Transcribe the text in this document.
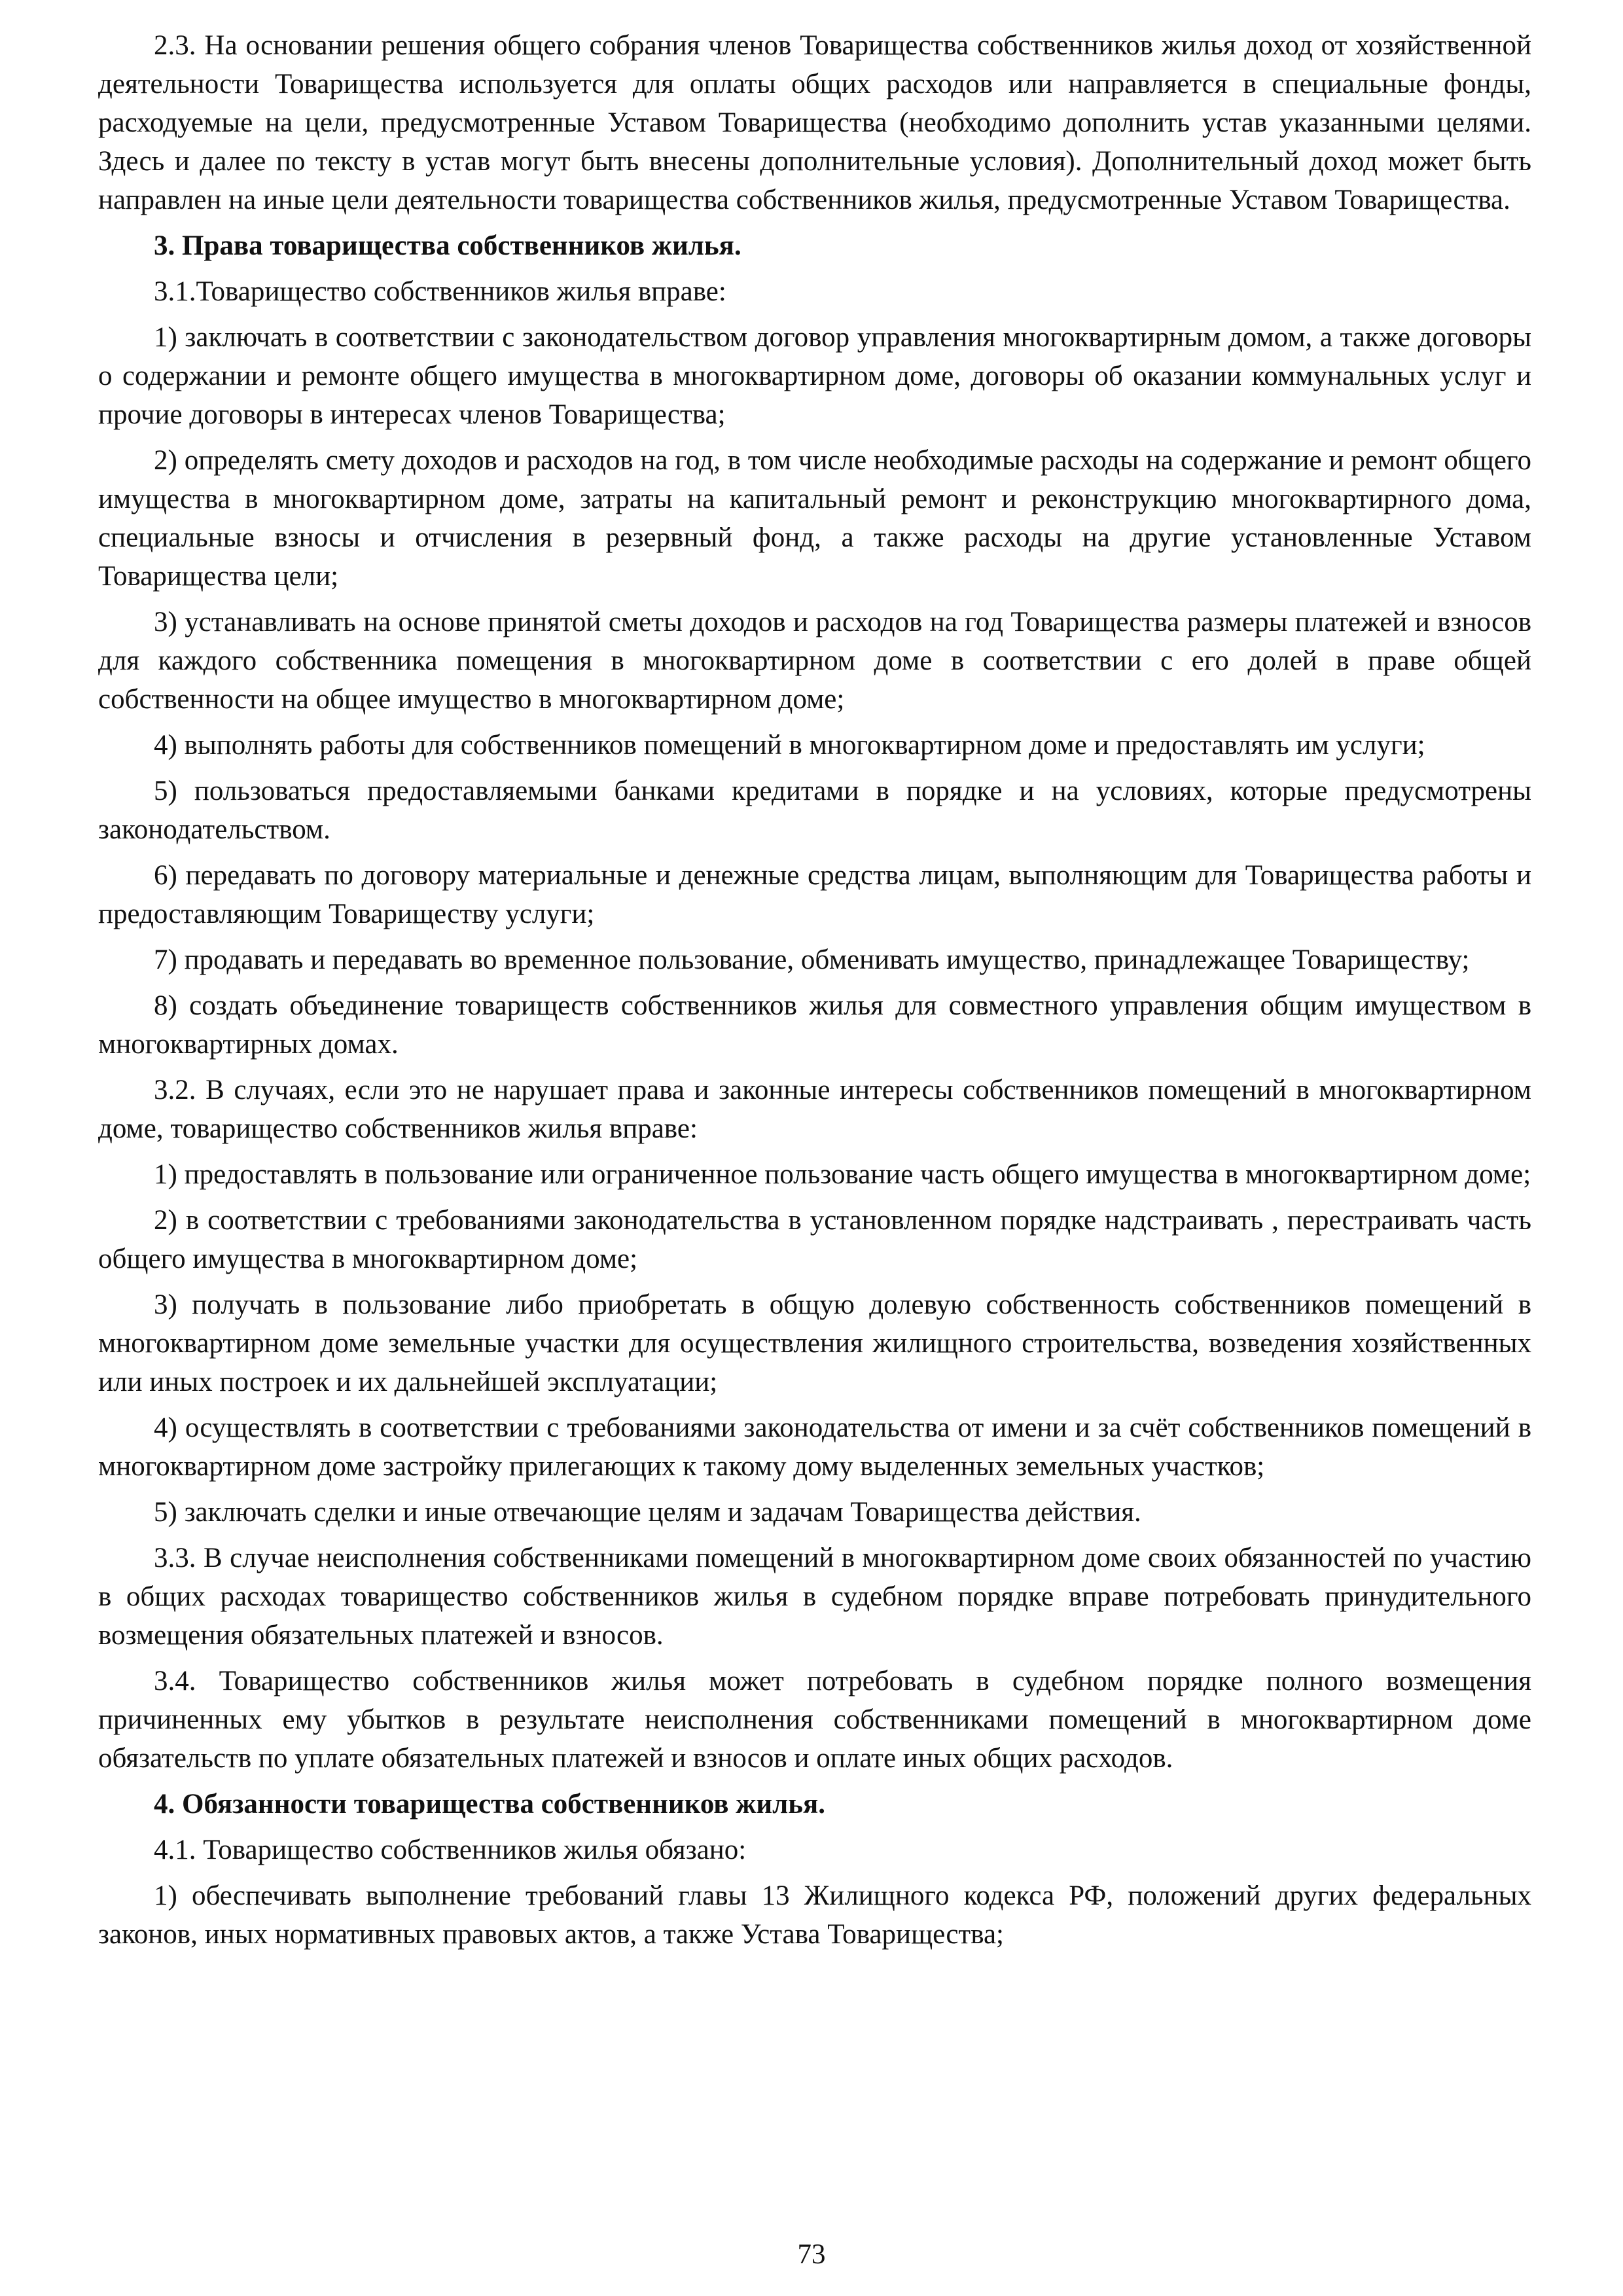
2.3. На основании решения общего собрания членов Товарищества собственников жилья доход от хозяйственной деятельности Товарищества используется для оплаты общих расходов или направляется в специальные фонды, расходуемые на цели, предусмотренные Уставом Товарищества (необходимо дополнить устав указанными целями. Здесь и далее по тексту в устав могут быть внесены дополнительные условия). Дополнительный доход может быть направлен на иные цели деятельности товарищества собственников жилья, предусмотренные Уставом Товарищества.

3. Права товарищества собственников жилья.

3.1.Товарищество собственников жилья вправе:

1) заключать в соответствии с законодательством договор управления многоквартирным домом, а также договоры о содержании и ремонте общего имущества в многоквартирном доме, договоры об оказании коммунальных услуг и прочие договоры в интересах членов Товарищества;

2) определять смету доходов и расходов на год, в том числе необходимые расходы на содержание и ремонт общего имущества в многоквартирном доме, затраты на капитальный ремонт и реконструкцию многоквартирного дома, специальные взносы и отчисления в резервный фонд, а также расходы на другие установленные Уставом Товарищества цели;

3) устанавливать на основе принятой сметы доходов и расходов на год Товарищества размеры платежей и взносов для каждого собственника помещения в многоквартирном доме в соответствии с его долей в праве общей собственности на общее имущество в многоквартирном доме;

4) выполнять работы для собственников помещений в многоквартирном доме и предоставлять им услуги;

5) пользоваться предоставляемыми банками кредитами в порядке и на условиях, которые предусмотрены законодательством.

6) передавать по договору материальные и денежные средства лицам, выполняющим для Товарищества работы и предоставляющим Товариществу услуги;

7) продавать и передавать во временное пользование, обменивать имущество, принадлежащее Товариществу;

8) создать объединение товариществ собственников жилья для совместного управления общим имуществом в многоквартирных домах.

3.2. В случаях, если это не нарушает права и законные интересы собственников помещений в многоквартирном доме, товарищество собственников жилья вправе:

1) предоставлять в пользование или ограниченное пользование часть общего имущества в многоквартирном доме;

2) в соответствии с требованиями законодательства в установленном порядке надстраивать , перестраивать часть общего имущества в многоквартирном доме;

3) получать в пользование либо приобретать в общую долевую собственность собственников помещений в многоквартирном доме земельные участки для осуществления жилищного строительства, возведения хозяйственных или иных построек и их дальнейшей эксплуатации;

4) осуществлять в соответствии с требованиями законодательства от имени и за счёт собственников помещений в многоквартирном доме застройку прилегающих к такому дому выделенных земельных участков;

5) заключать сделки и иные отвечающие целям и задачам Товарищества действия.

3.3. В случае неисполнения собственниками помещений в многоквартирном доме своих обязанностей по участию в общих расходах товарищество собственников жилья в судебном порядке вправе потребовать принудительного возмещения обязательных платежей и взносов.

3.4. Товарищество собственников жилья может потребовать в судебном порядке полного возмещения причиненных ему убытков в результате неисполнения собственниками помещений в многоквартирном доме обязательств по уплате обязательных платежей и взносов и оплате иных общих расходов.

4. Обязанности товарищества собственников жилья.

4.1. Товарищество собственников жилья обязано:

1) обеспечивать выполнение требований главы 13 Жилищного кодекса РФ, положений других федеральных законов, иных нормативных правовых актов, а также Устава Товарищества;

73
